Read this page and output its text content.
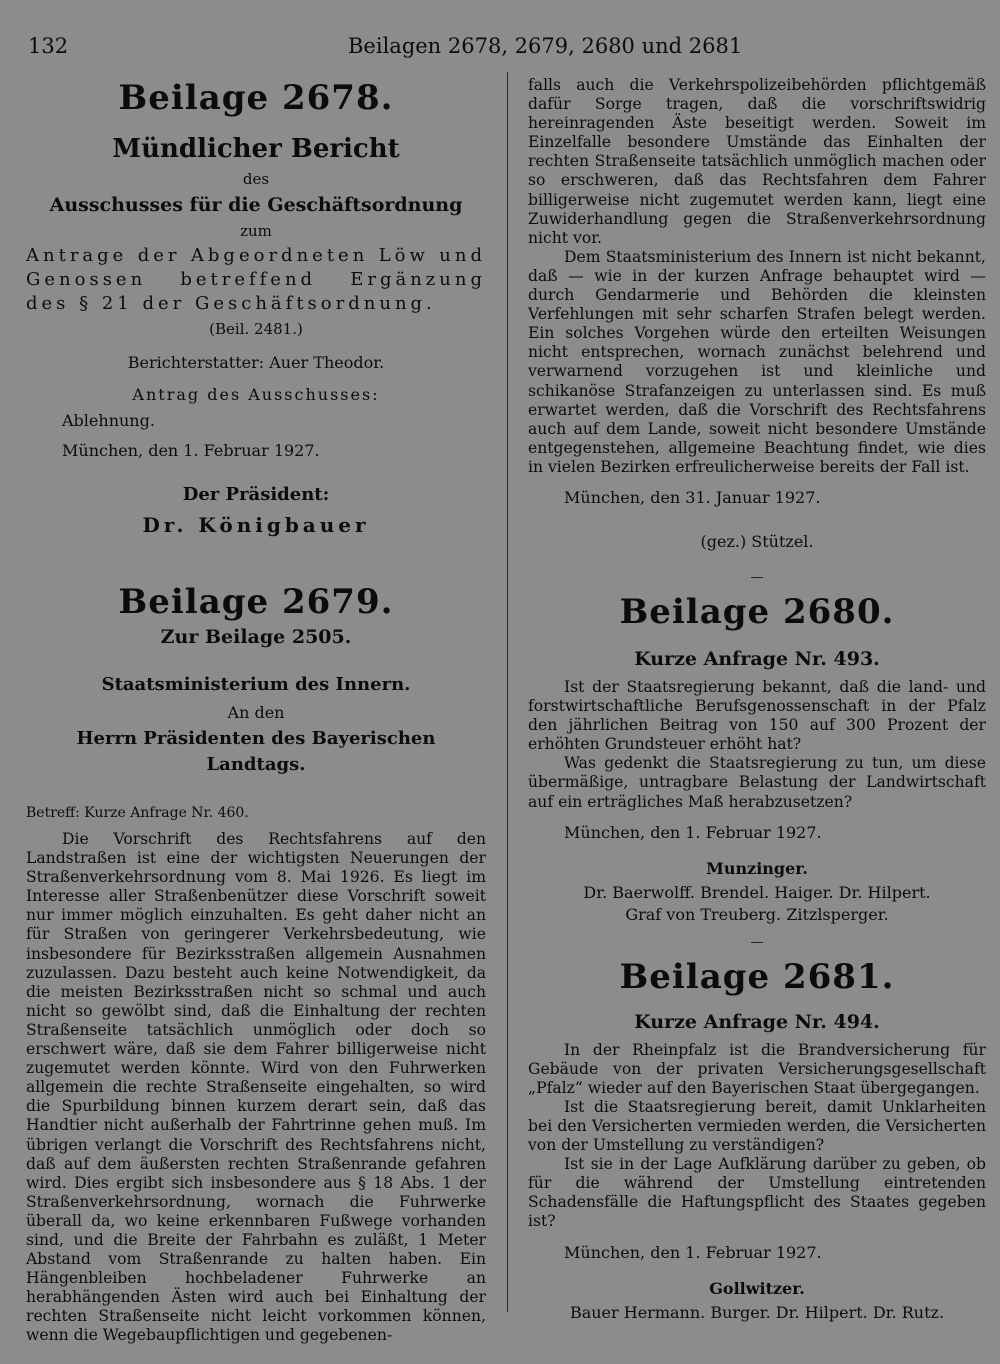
132	Beilagen 2678, 2679, 2680 und 2681
Beilage 2678.
Mündlicher Bericht

des

Ausschusses für die Geschäftsordnung

zum

Antrage der Abgeordneten Löw und Genossen betreffend Ergänzung des § 21 der Geschäftsordnung.

(Beil. 2481.)

Berichterstatter: Auer Theodor.

Antrag des Ausschusses:

Ablehnung.

München, den 1. Februar 1927.

Der Präsident:

Dr. Königbauer

Beilage 2679.
Zur Beilage 2505.
Staatsministerium des Innern.

An den

Herrn Präsidenten des Bayerischen Landtags.

Betreff: Kurze Anfrage Nr. 460.

Die Vorschrift des Rechtsfahrens auf den Landstraßen ist eine der wichtigsten Neuerungen der Straßenverkehrsordnung vom 8. Mai 1926. Es liegt im Interesse aller Straßenbenützer diese Vorschrift soweit nur immer möglich einzuhalten. Es geht daher nicht an für Straßen von geringerer Verkehrsbedeutung, wie insbesondere für Bezirksstraßen allgemein Ausnahmen zuzulassen. Dazu besteht auch keine Notwendigkeit, da die meisten Bezirksstraßen nicht so schmal und auch nicht so gewölbt sind, daß die Einhaltung der rechten Straßenseite tatsächlich unmöglich oder doch so erschwert wäre, daß sie dem Fahrer billigerweise nicht zugemutet werden könnte. Wird von den Fuhrwerken allgemein die rechte Straßenseite eingehalten, so wird die Spurbildung binnen kurzem derart sein, daß das Handtier nicht außerhalb der Fahrtrinne gehen muß. Im übrigen verlangt die Vorschrift des Rechtsfahrens nicht, daß auf dem äußersten rechten Straßenrande gefahren wird. Dies ergibt sich insbesondere aus § 18 Abs. 1 der Straßenverkehrsordnung, wornach die Fuhrwerke überall da, wo keine erkennbaren Fußwege vorhanden sind, und die Breite der Fahrbahn es zuläßt, 1 Meter Abstand vom Straßenrande zu halten haben. Ein Hängenbleiben hochbeladener Fuhrwerke an herabhängenden Ästen wird auch bei Einhaltung der rechten Straßenseite nicht leicht vorkommen können, wenn die Wegebaupflichtigen und gegebenen-

falls auch die Verkehrspolizeibehörden pflichtgemäß dafür Sorge tragen, daß die vorschriftswidrig hereinragenden Äste beseitigt werden. Soweit im Einzelfalle besondere Umstände das Einhalten der rechten Straßenseite tatsächlich unmöglich machen oder so erschweren, daß das Rechtsfahren dem Fahrer billigerweise nicht zugemutet werden kann, liegt eine Zuwiderhandlung gegen die Straßenverkehrsordnung nicht vor.

Dem Staatsministerium des Innern ist nicht bekannt, daß — wie in der kurzen Anfrage behauptet wird — durch Gendarmerie und Behörden die kleinsten Verfehlungen mit sehr scharfen Strafen belegt werden. Ein solches Vorgehen würde den erteilten Weisungen nicht entsprechen, wornach zunächst belehrend und verwarnend vorzugehen ist und kleinliche und schikanöse Strafanzeigen zu unterlassen sind. Es muß erwartet werden, daß die Vorschrift des Rechtsfahrens auch auf dem Lande, soweit nicht besondere Umstände entgegenstehen, allgemeine Beachtung findet, wie dies in vielen Bezirken erfreulicherweise bereits der Fall ist.

München, den 31. Januar 1927.

(gez.) Stützel.

Beilage 2680.
Kurze Anfrage Nr. 493.

Ist der Staatsregierung bekannt, daß die land- und forstwirtschaftliche Berufsgenossenschaft in der Pfalz den jährlichen Beitrag von 150 auf 300 Prozent der erhöhten Grundsteuer erhöht hat?

Was gedenkt die Staatsregierung zu tun, um diese übermäßige, untragbare Belastung der Landwirtschaft auf ein erträgliches Maß herabzusetzen?

München, den 1. Februar 1927.

Munzinger.

Dr. Baerwolff. Brendel. Haiger. Dr. Hilpert.

Graf von Treuberg. Zitzlsperger.

Beilage 2681.
Kurze Anfrage Nr. 494.

In der Rheinpfalz ist die Brandversicherung für Gebäude von der privaten Versicherungsgesellschaft „Pfalz“ wieder auf den Bayerischen Staat übergegangen.

Ist die Staatsregierung bereit, damit Unklarheiten bei den Versicherten vermieden werden, die Versicherten von der Umstellung zu verständigen?

Ist sie in der Lage Aufklärung darüber zu geben, ob für die während der Umstellung eintretenden Schadensfälle die Haftungspflicht des Staates gegeben ist?

München, den 1. Februar 1927.

Gollwitzer.

Bauer Hermann. Burger. Dr. Hilpert. Dr. Rutz.
